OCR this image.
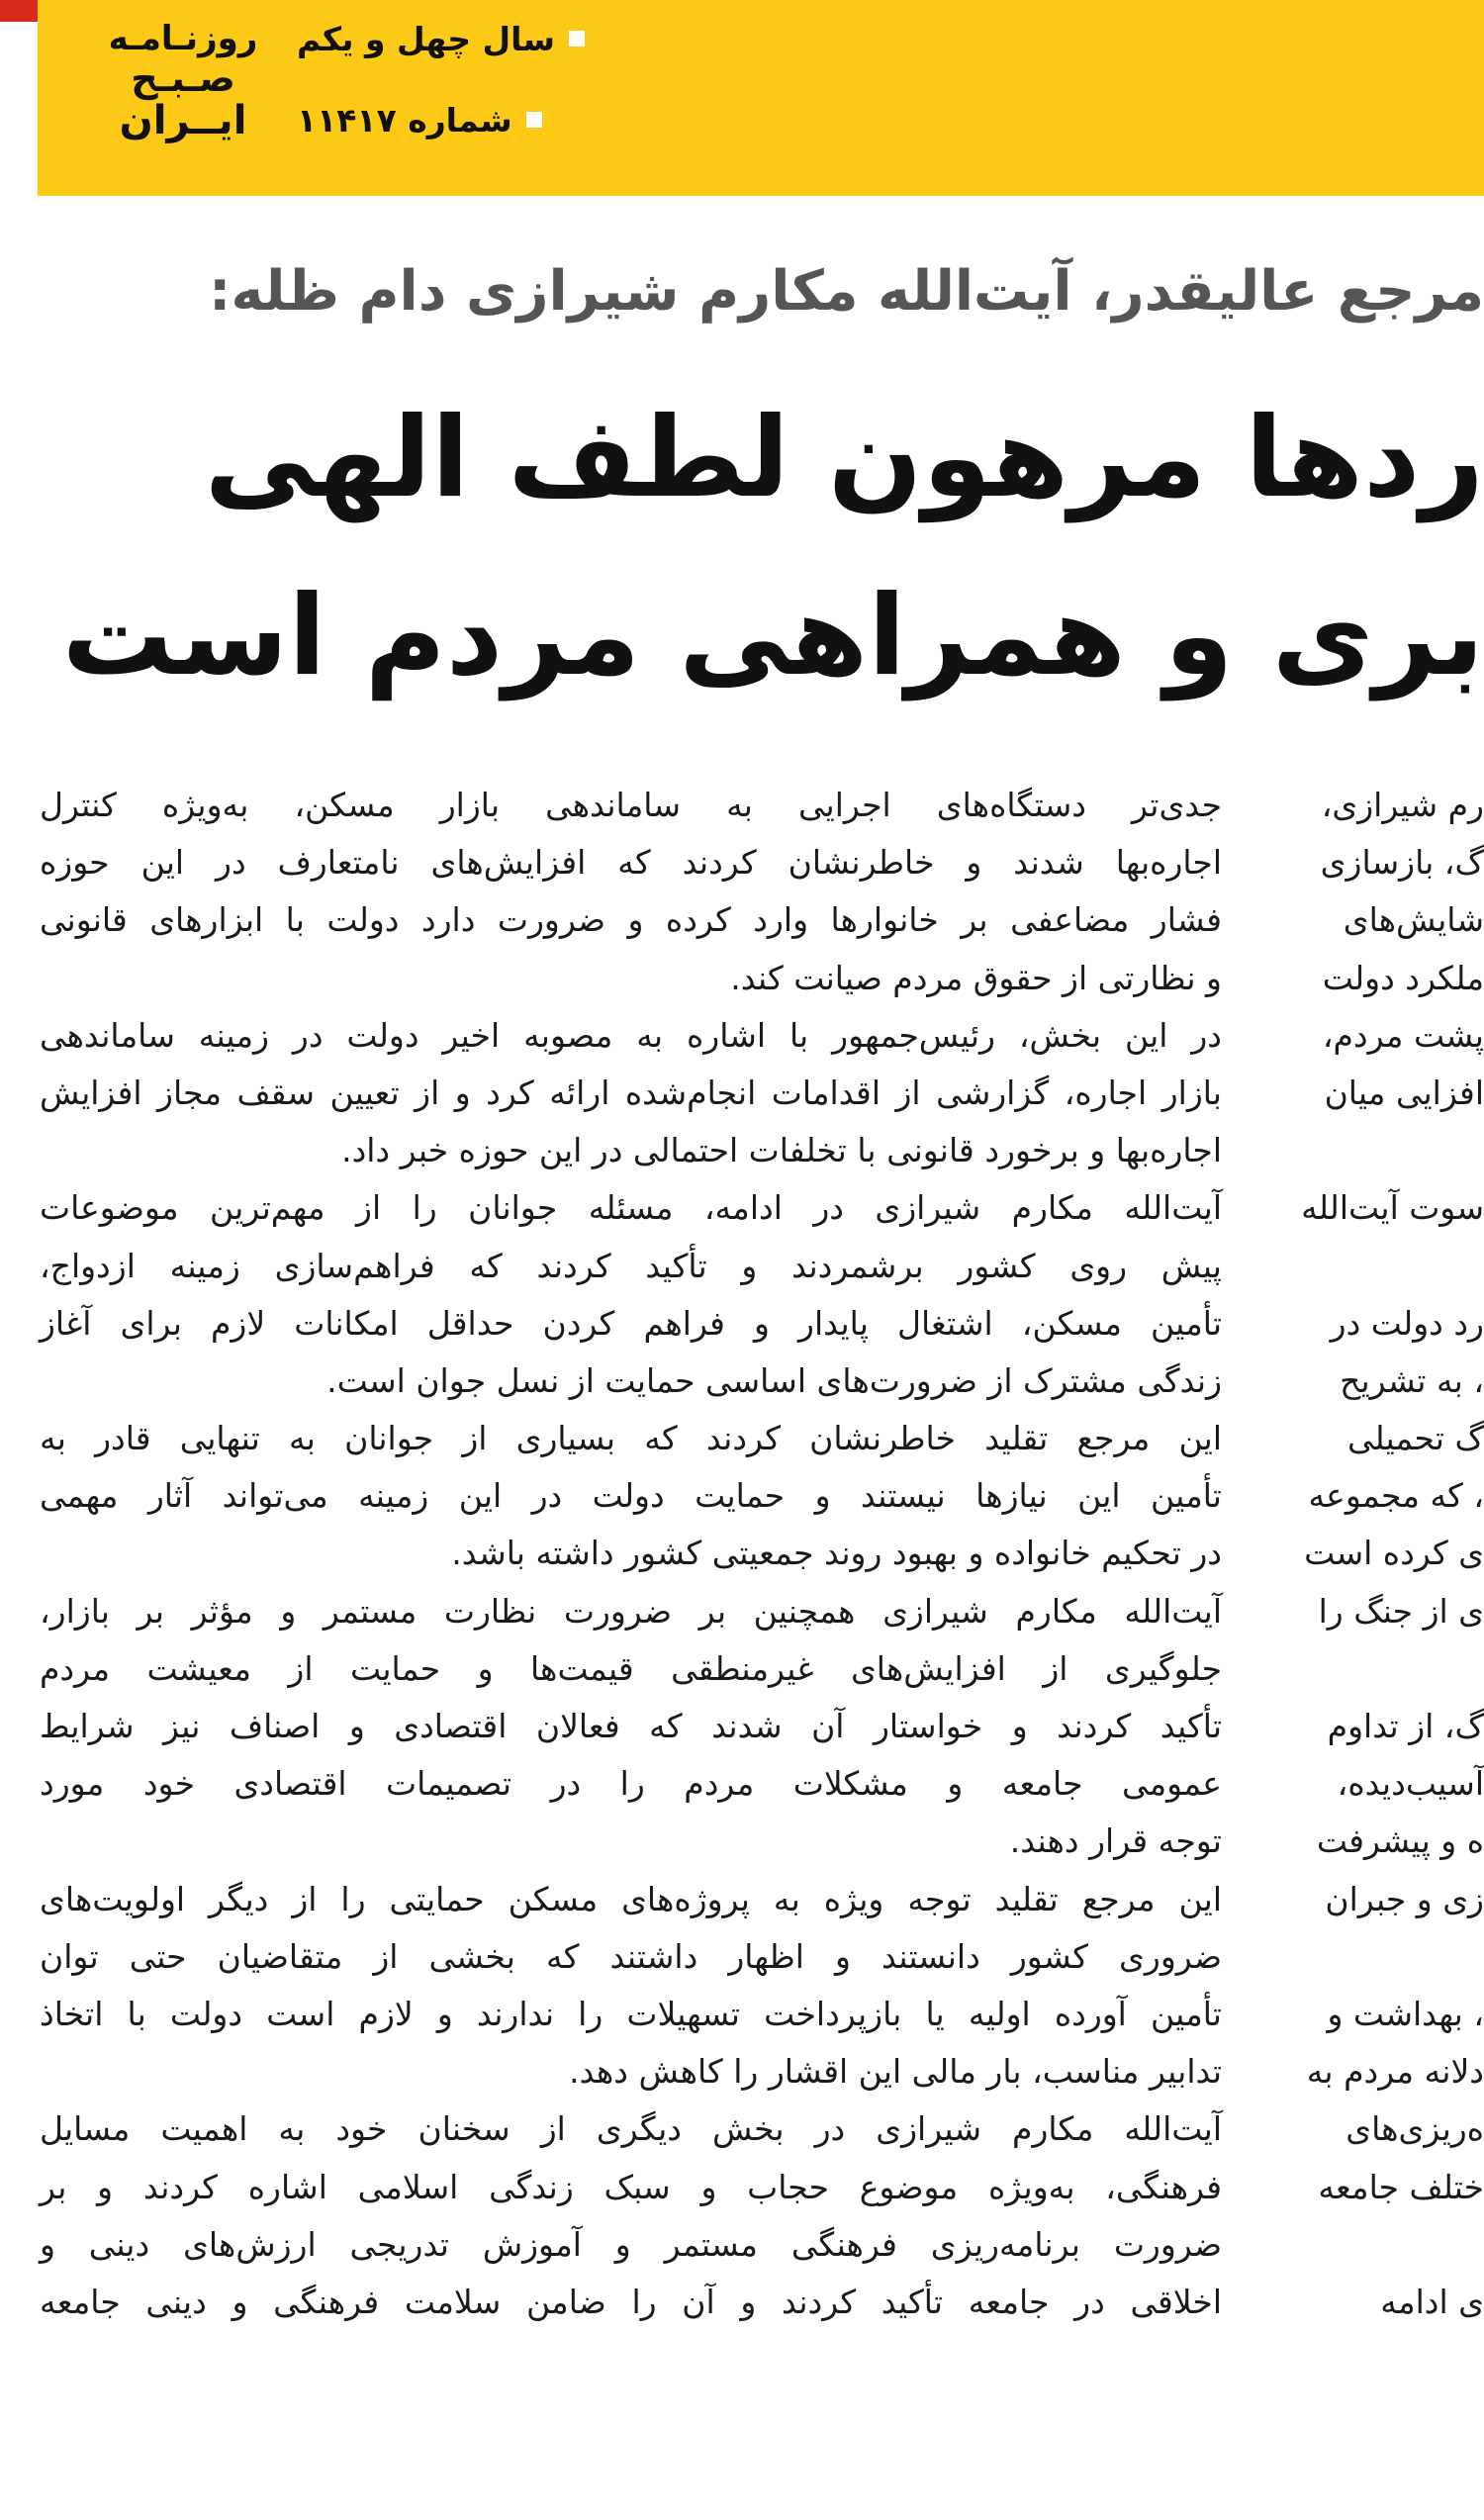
روزنـامـه
صـبـح
ایــران
سال چهل و یکم
شماره ۱۱۴۱۷
مرجع عالیقدر، آیت‌الله مکارم شیرازی دام ظله:
ردها مرهون لطف الهی
بری و همراهی مردم است
جدی‌تر دستگاه‌های اجرایی به ساماندهی بازار مسکن، به‌ویژه کنترل
اجاره‌بها شدند و خاطرنشان کردند که افزایش‌های نامتعارف در این حوزه
فشار مضاعفی بر خانوارها وارد کرده و ضرورت دارد دولت با ابزارهای قانونی
و نظارتی از حقوق مردم صیانت کند.
در این بخش، رئیس‌جمهور با اشاره به مصوبه اخیر دولت در زمینه ساماندهی
بازار اجاره، گزارشی از اقدامات انجام‌شده ارائه کرد و از تعیین سقف مجاز افزایش
اجاره‌بها و برخورد قانونی با تخلفات احتمالی در این حوزه خبر داد.
آیت‌الله مکارم شیرازی در ادامه، مسئله جوانان را از مهم‌ترین موضوعات
پیش روی کشور برشمردند و تأکید کردند که فراهم‌سازی زمینه ازدواج،
تأمین مسکن، اشتغال پایدار و فراهم کردن حداقل امکانات لازم برای آغاز
زندگی مشترک از ضرورت‌های اساسی حمایت از نسل جوان است.
این مرجع تقلید خاطرنشان کردند که بسیاری از جوانان به تنهایی قادر به
تأمین این نیازها نیستند و حمایت دولت در این زمینه می‌تواند آثار مهمی
در تحکیم خانواده و بهبود روند جمعیتی کشور داشته باشد.
آیت‌الله مکارم شیرازی همچنین بر ضرورت نظارت مستمر و مؤثر بر بازار،
جلوگیری از افزایش‌های غیرمنطقی قیمت‌ها و حمایت از معیشت مردم
تأکید کردند و خواستار آن شدند که فعالان اقتصادی و اصناف نیز شرایط
عمومی جامعه و مشکلات مردم را در تصمیمات اقتصادی خود مورد
توجه قرار دهند.
این مرجع تقلید توجه ویژه به پروژه‌های مسکن حمایتی را از دیگر اولویت‌های
ضروری کشور دانستند و اظهار داشتند که بخشی از متقاضیان حتی توان
تأمین آورده اولیه یا بازپرداخت تسهیلات را ندارند و لازم است دولت با اتخاذ
تدابیر مناسب، بار مالی این اقشار را کاهش دهد.
آیت‌الله مکارم شیرازی در بخش دیگری از سخنان خود به اهمیت مسایل
فرهنگی، به‌ویژه موضوع حجاب و سبک زندگی اسلامی اشاره کردند و بر
ضرورت برنامه‌ریزی فرهنگی مستمر و آموزش تدریجی ارزش‌های دینی و
اخلاقی در جامعه تأکید کردند و آن را ضامن سلامت فرهنگی و دینی جامعه
رم شیرازی،
گ، بازسازی
شایش‌های
ملکرد دولت
پشت مردم،
افزایی میان
سوت آیت‌الله
رد دولت در
، به تشریح
گ تحمیلی
، که مجموعه
ی کرده است
ی از جنگ را
گ، از تداوم
آسیب‌دیده،
ه و پیشرفت
زی و جبران
، بهداشت و
دلانه مردم به
ه‌ریزی‌های
ختلف جامعه
ی ادامه
